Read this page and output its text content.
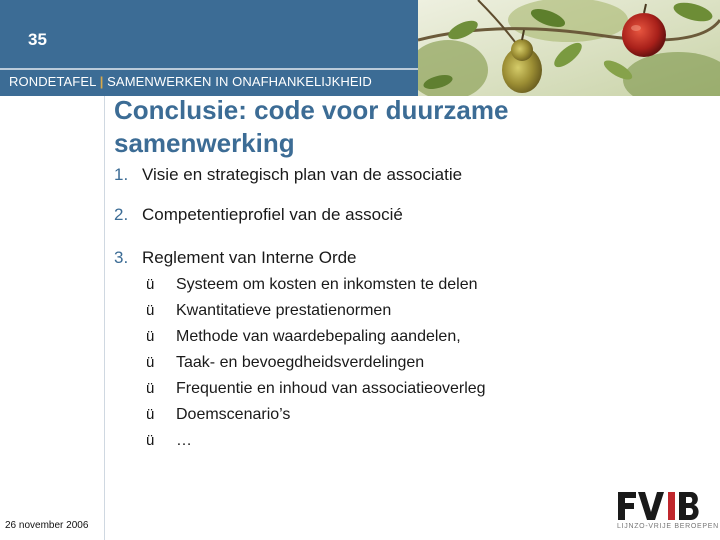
35
RONDETAFEL | SAMENWERKEN IN ONAFHANKELIJKHEID
Conclusie: code voor duurzame
samenwerking
1. Visie en strategisch plan van de associatie
2. Competentieprofiel van de associé
3. Reglement van Interne Orde
ü Systeem om kosten en inkomsten te delen
ü Kwantitatieve prestatienormen
ü Methode van waardebepaling aandelen,
ü Taak- en bevoegdheidsverdelingen
ü Frequentie en inhoud van associatieoverleg
ü Doemscenario’s
ü …
26 november 2006	LIJNZO-VRIJE BEROEPEN
